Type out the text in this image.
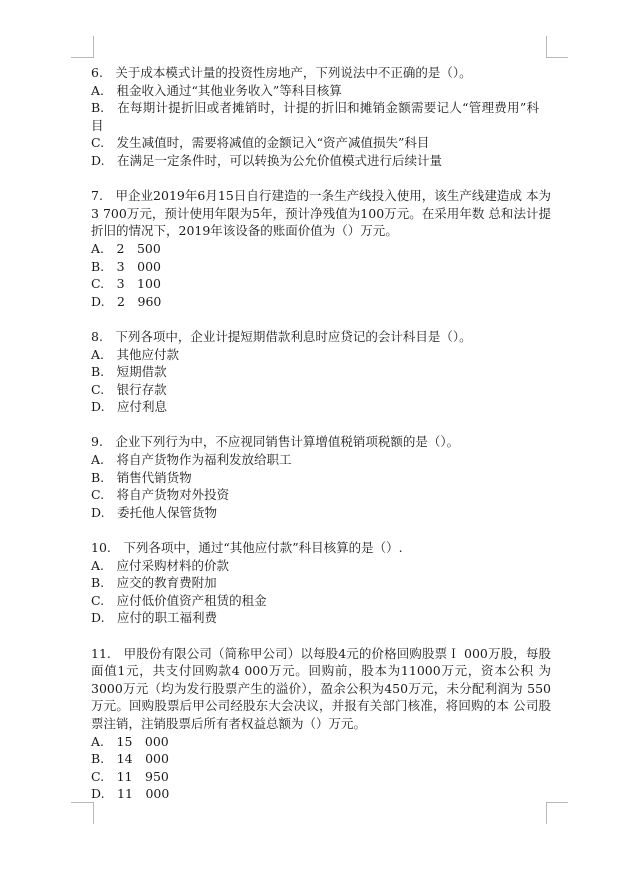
6.　关于成本模式计量的投资性房地产，下列说法中不正确的是（）。
A.　租金收入通过“其他业务收入”等科目核算
B.　在每期计提折旧或者摊销时，计提的折旧和摊销金额需要记人“管理费用”科　目
C.　发生减值时，需要将减值的金额记入“资产减值损失”科目
D.　在满足一定条件时，可以转换为公允价值模式进行后续计量
7.　甲企业2019年6月15日自行建造的一条生产线投入使用，该生产线建造成 本为3 700万元，预计使用年限为5年，预计净残值为100万元。在采用年数 总和法计提折旧的情况下，2019年该设备的账面价值为（）万元。
A.　2　500
B.　3　000
C.　3　100
D.　2　960
8.　下列各项中，企业计提短期借款利息时应贷记的会计科目是（）。
A.　其他应付款
B.　短期借款
C.　银行存款
D.　应付利息
9.　企业下列行为中，不应视同销售计算增值税销项税额的是（）。
A.　将自产货物作为福利发放给职工
B.　销售代销货物
C.　将自产货物对外投资
D.　委托他人保管货物
10.　下列各项中，通过“其他应付款”科目核算的是（）.
A.　应付采购材料的价款
B.　应交的教育费附加
C.　应付低价值资产租赁的租金
D.　应付的职工福利费
11.　甲股份有限公司（简称甲公司）以每股4元的价格回购股票Ｉ 000万股，每股 面值1元，共支付回购款4 000万元。回购前，股本为11000万元，资本公积 为3000万元（均为发行股票产生的溢价），盈余公积为450万元，未分配利润为 550万元。回购股票后甲公司经股东大会决议，并报有关部门核准，将回购的本 公司股票注销，注销股票后所有者权益总额为（）万元。
A.　15　000
B.　14　000
C.　11　950
D.　11　000
